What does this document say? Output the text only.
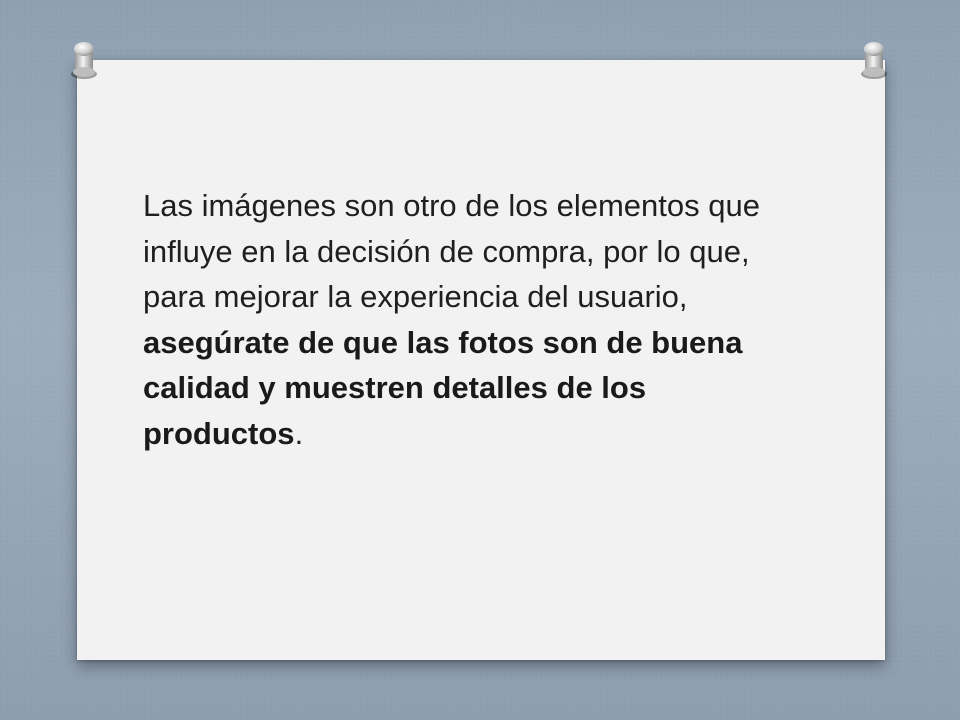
Las imágenes son otro de los elementos que influye en la decisión de compra, por lo que, para mejorar la experiencia del usuario, asegúrate de que las fotos son de buena calidad y muestren detalles de los productos.
